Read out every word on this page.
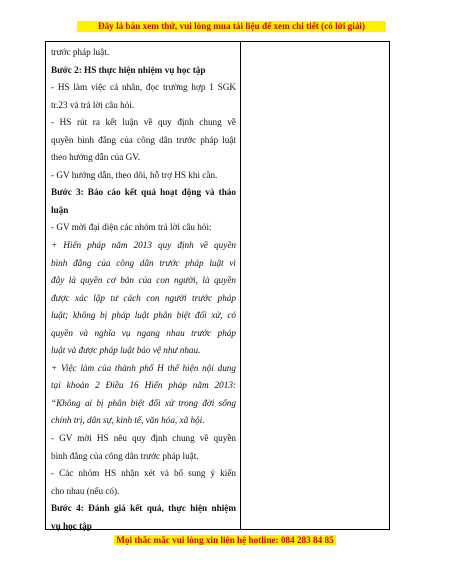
Đây là bản xem thử, vui lòng mua tài liệu để xem chi tiết (có lời giải)

trước pháp luật.

Bước 2: HS thực hiện nhiệm vụ học tập

- HS làm việc cá nhân, đọc trường hợp 1 SGK

tr.23 và trả lời câu hỏi.

- HS rút ra kết luận về quy định chung về

quyền bình đẳng của công dân trước pháp luật

theo hướng dẫn của GV.

- GV hướng dẫn, theo dõi, hỗ trợ HS khi cần.

Bước 3: Báo cáo kết quả hoạt động và thảo

luận

- GV mời đại diện các nhóm trả lời câu hỏi:

+ Hiến pháp năm 2013 quy định về quyền

bình đẳng của công dân trước pháp luật vì

đây là quyền cơ bản của con người, là quyền

được xác lập tư cách con người trước pháp

luật; không bị pháp luật phân biệt đối xử, có

quyền và nghĩa vụ ngang nhau trước pháp

luật và được pháp luật bảo vệ như nhau.

+ Việc làm của thành phố H thể hiện nội dung

tại khoản 2 Điều 16 Hiến pháp năm 2013:

“Không ai bị phân biệt đối xử trong đời sống

chính trị, dân sự, kinh tế, văn hóa, xã hội.

- GV mời HS nêu quy định chung về quyền

bình đẳng của công dân trước pháp luật.

- Các nhóm HS nhận xét và bổ sung ý kiến

cho nhau (nếu có).

Bước 4: Đánh giá kết quả, thực hiện nhiệm

vụ học tập

Mọi thắc mắc vui lòng xin liên hệ hotline: 084 283 84 85
